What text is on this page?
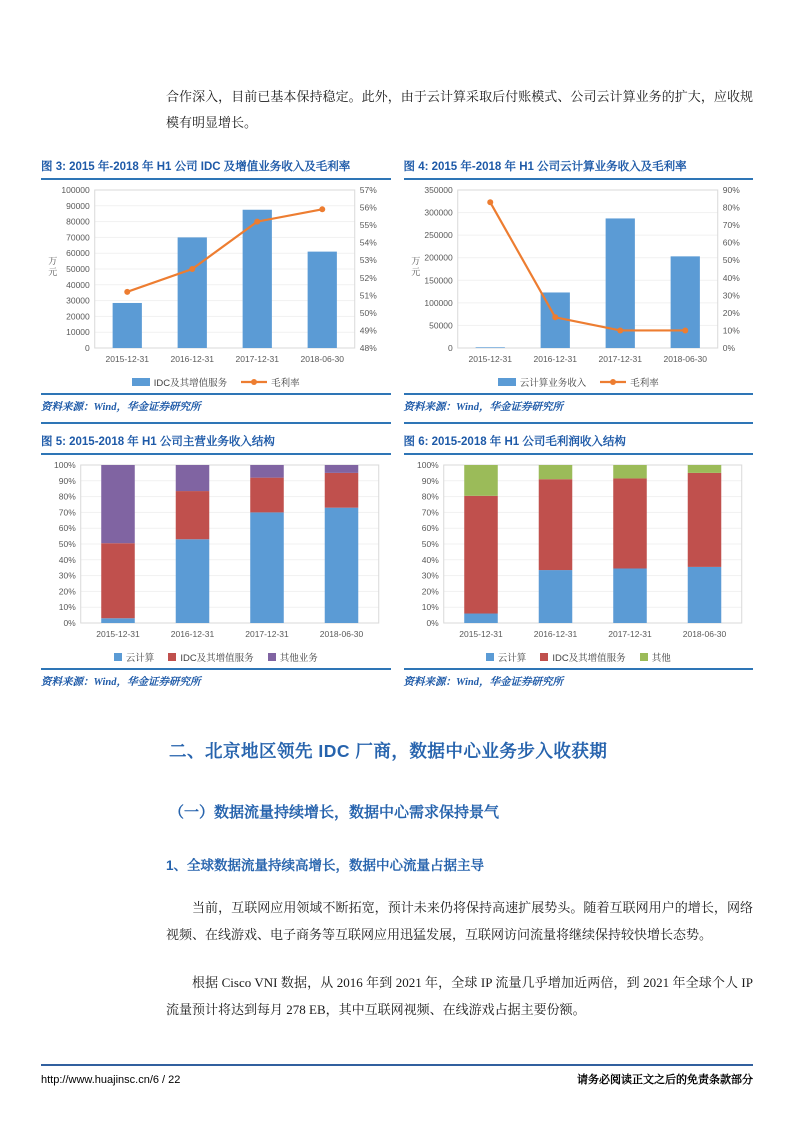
合作深入，目前已基本保持稳定。此外，由于云计算采取后付账模式、公司云计算业务的扩大，应收规模有明显增长。

图 3: 2015 年-2018 年 H1 公司 IDC 及增值业务收入及毛利率
0
10000
20000
30000
40000
50000
60000
70000
80000
90000
100000
48%
49%
50%
51%
52%
53%
54%
55%
56%
57%
万
元
2015-12-31	2016-12-31	2017-12-31	2018-06-30
IDC及其增值服务	毛利率
资料来源：Wind，华金证券研究所
图 4: 2015 年-2018 年 H1 公司云计算业务收入及毛利率
0
50000
100000
150000
200000
250000
300000
350000
0%
10%
20%
30%
40%
50%
60%
70%
80%
90%
万
元
2015-12-31	2016-12-31	2017-12-31	2018-06-30
云计算业务收入	毛利率
资料来源：Wind，华金证券研究所
图 5: 2015-2018 年 H1 公司主营业务收入结构
0%
10%
20%
30%
40%
50%
60%
70%
80%
90%
100%
2015-12-31	2016-12-31	2017-12-31	2018-06-30
云计算	IDC及其增值服务	其他业务
资料来源：Wind，华金证券研究所
图 6: 2015-2018 年 H1 公司毛利润收入结构
0%
10%
20%
30%
40%
50%
60%
70%
80%
90%
100%
2015-12-31	2016-12-31	2017-12-31	2018-06-30
云计算	IDC及其增值服务	其他
资料来源：Wind，华金证券研究所
二、北京地区领先 IDC 厂商，数据中心业务步入收获期
（一）数据流量持续增长，数据中心需求保持景气
1、全球数据流量持续高增长，数据中心流量占据主导

当前，互联网应用领域不断拓宽，预计未来仍将保持高速扩展势头。随着互联网用户的增长，网络视频、在线游戏、电子商务等互联网应用迅猛发展，互联网访问流量将继续保持较快增长态势。

根据 Cisco VNI 数据，从 2016 年到 2021 年，全球 IP 流量几乎增加近两倍，到 2021 年全球个人 IP 流量预计将达到每月 278 EB，其中互联网视频、在线游戏占据主要份额。

http://www.huajinsc.cn/6 / 22	请务必阅读正文之后的免责条款部分
